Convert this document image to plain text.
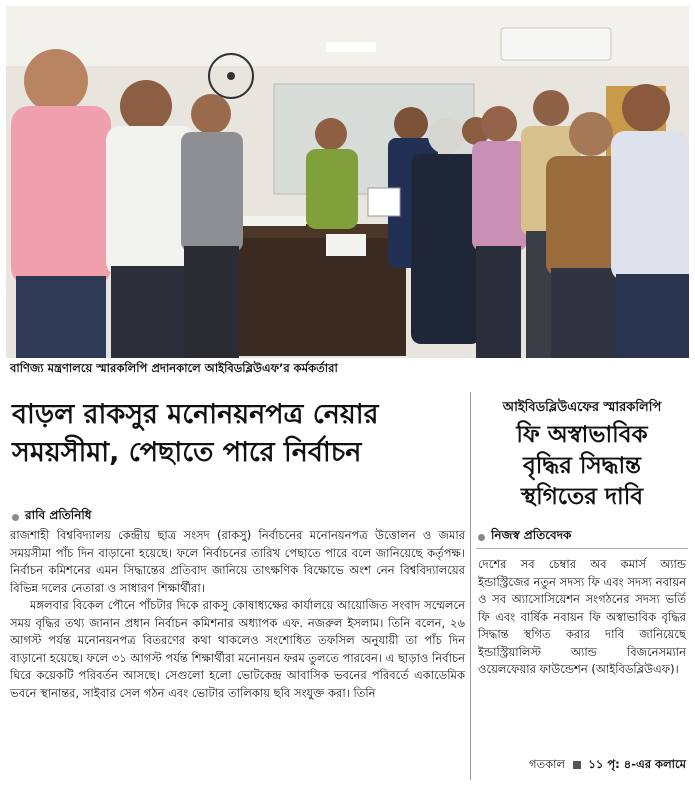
বাণিজ্য মন্ত্রণালয়ে স্মারকলিপি প্রদানকালে আইবিডব্লিউএফ’র কর্মকর্তারা
বাড়ল রাকসুর মনোনয়নপত্র নেয়ার
সময়সীমা, পেছাতে পারে নির্বাচন
রাবি প্রতিনিধি

রাজশাহী বিশ্ববিদ্যালয় কেন্দ্রীয় ছাত্র সংসদ (রাকসু) নির্বাচনের মনোনয়নপত্র উত্তোলন ও জমার সময়সীমা পাঁচ দিন বাড়ানো হয়েছে। ফলে নির্বাচনের তারিখ পেছাতে পারে বলে জানিয়েছে কর্তৃপক্ষ। নির্বাচন কমিশনের এমন সিদ্ধান্তের প্রতিবাদ জানিয়ে তাৎক্ষণিক বিক্ষোভে অংশ নেন বিশ্ববিদ্যালয়ের বিভিন্ন দলের নেতারা ও সাধারণ শিক্ষার্থীরা।

মঙ্গলবার বিকেল পৌনে পাঁচটার দিকে রাকসু কোষাধ্যক্ষের কার্যালয়ে আয়োজিত সংবাদ সম্মেলনে সময় বৃদ্ধির তথ্য জানান প্রধান নির্বাচন কমিশনার অধ্যাপক এফ. নজরুল ইসলাম। তিনি বলেন, ২৬ আগস্ট পর্যন্ত মনোনয়নপত্র বিতরণের কথা থাকলেও সংশোধিত তফসিল অনুযায়ী তা পাঁচ দিন বাড়ানো হয়েছে। ফলে ৩১ আগস্ট পর্যন্ত শিক্ষার্থীরা মনোনয়ন ফরম তুলতে পারবেন। এ ছাড়াও নির্বাচন ঘিরে কয়েকটি পরিবর্তন আসছে। সেগুলো হলো ভোটকেন্দ্র আবাসিক ভবনের পরিবর্তে একাডেমিক ভবনে স্থানান্তর, সাইবার সেল গঠন এবং ভোটার তালিকায় ছবি সংযুক্ত করা। তিনি

আইবিডব্লিউএফের স্মারকলিপি
ফি অস্বাভাবিক
বৃদ্ধির সিদ্ধান্ত
স্থগিতের দাবি
নিজস্ব প্রতিবেদক

দেশের সব চেম্বার অব কমার্স অ্যান্ড ইন্ডাস্ট্রিজের নতুন সদস্য ফি এবং সদস্য নবায়ন ও সব অ্যাসোসিয়েশন সংগঠনের সদস্য ভর্তি ফি এবং বার্ষিক নবায়ন ফি অস্বাভাবিক বৃদ্ধির সিদ্ধান্ত স্থগিত করার দাবি জানিয়েছে ইন্ডাস্ট্রিয়ালিস্ট অ্যান্ড বিজনেসম্যান ওয়েলফেয়ার ফাউন্ডেশন (আইবিডব্লিউএফ)।

গতকাল ১১ পৃ: ৪-এর কলামে
